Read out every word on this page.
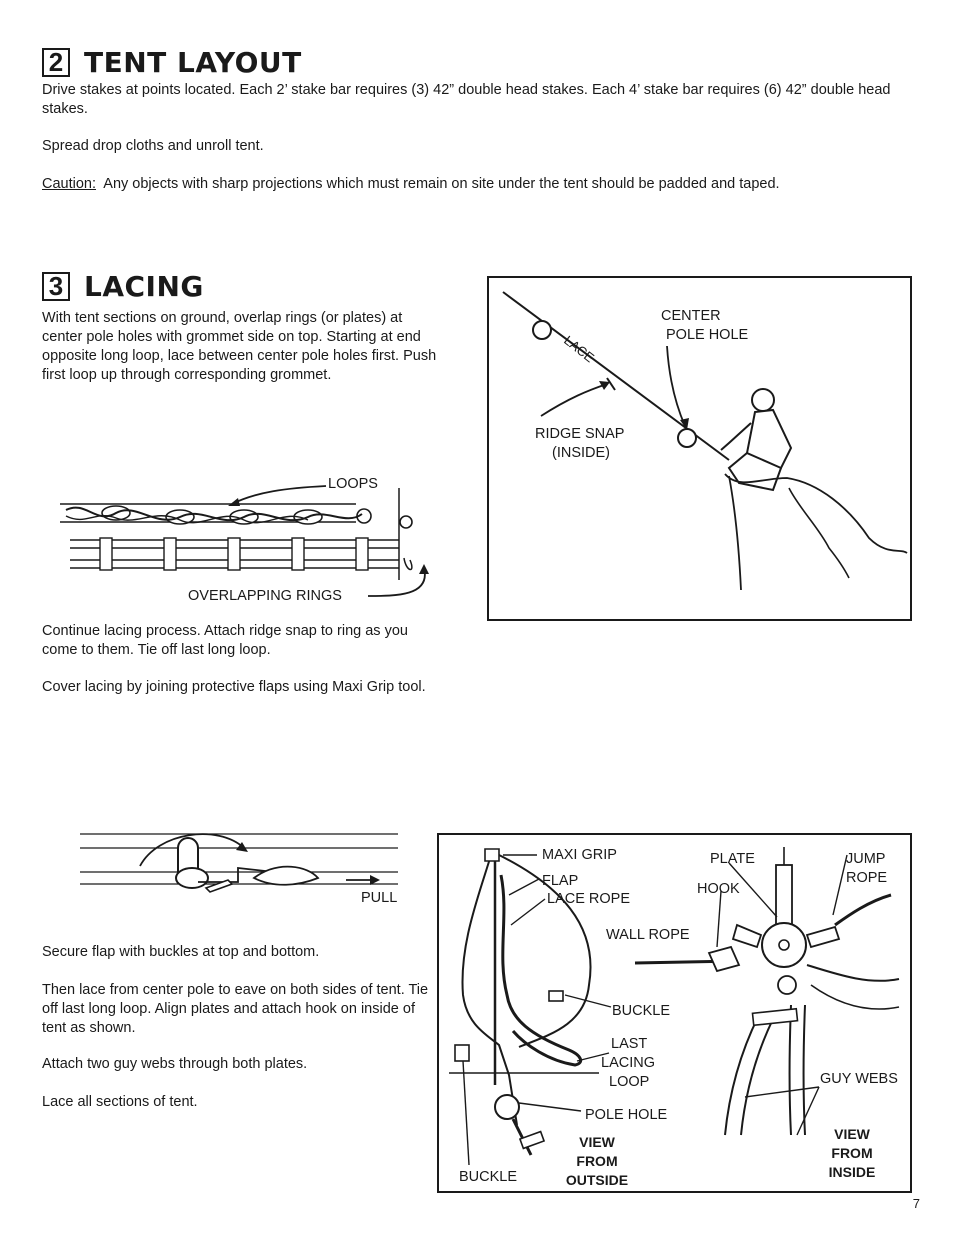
2 TENT LAYOUT

Drive stakes at points located. Each 2’ stake bar requires (3) 42” double head stakes. Each 4’ stake bar requires (6) 42” double head stakes.

Spread drop cloths and unroll tent.

Caution:  Any objects with sharp projections which must remain on site under the tent should be padded and taped.

3 LACING

With tent sections on ground, overlap rings (or plates) at center pole holes with grommet side on top. Starting at end opposite long loop, lace between center pole holes first. Push first loop up through corresponding grommet.

CENTER
POLE HOLE
LACE
RIDGE SNAP
(INSIDE)
LOOPS
OVERLAPPING RINGS

Continue lacing process. Attach ridge snap to ring as you come to them. Tie off last long loop.

Cover lacing by joining protective flaps using Maxi Grip tool.

PULL

Secure flap with buckles at top and bottom.

Then lace from center pole to eave on both sides of tent. Tie off last long loop. Align plates and attach hook on inside of tent as shown.

Attach two guy webs through both plates.

Lace all sections of tent.

MAXI GRIP
FLAP
LACE ROPE
PLATE	JUMP
ROPE
HOOK
WALL ROPE
BUCKLE
LAST
LACING
LOOP	GUY WEBS
POLE HOLE
BUCKLE
VIEW
FROM
OUTSIDE
VIEW
FROM
INSIDE
7
